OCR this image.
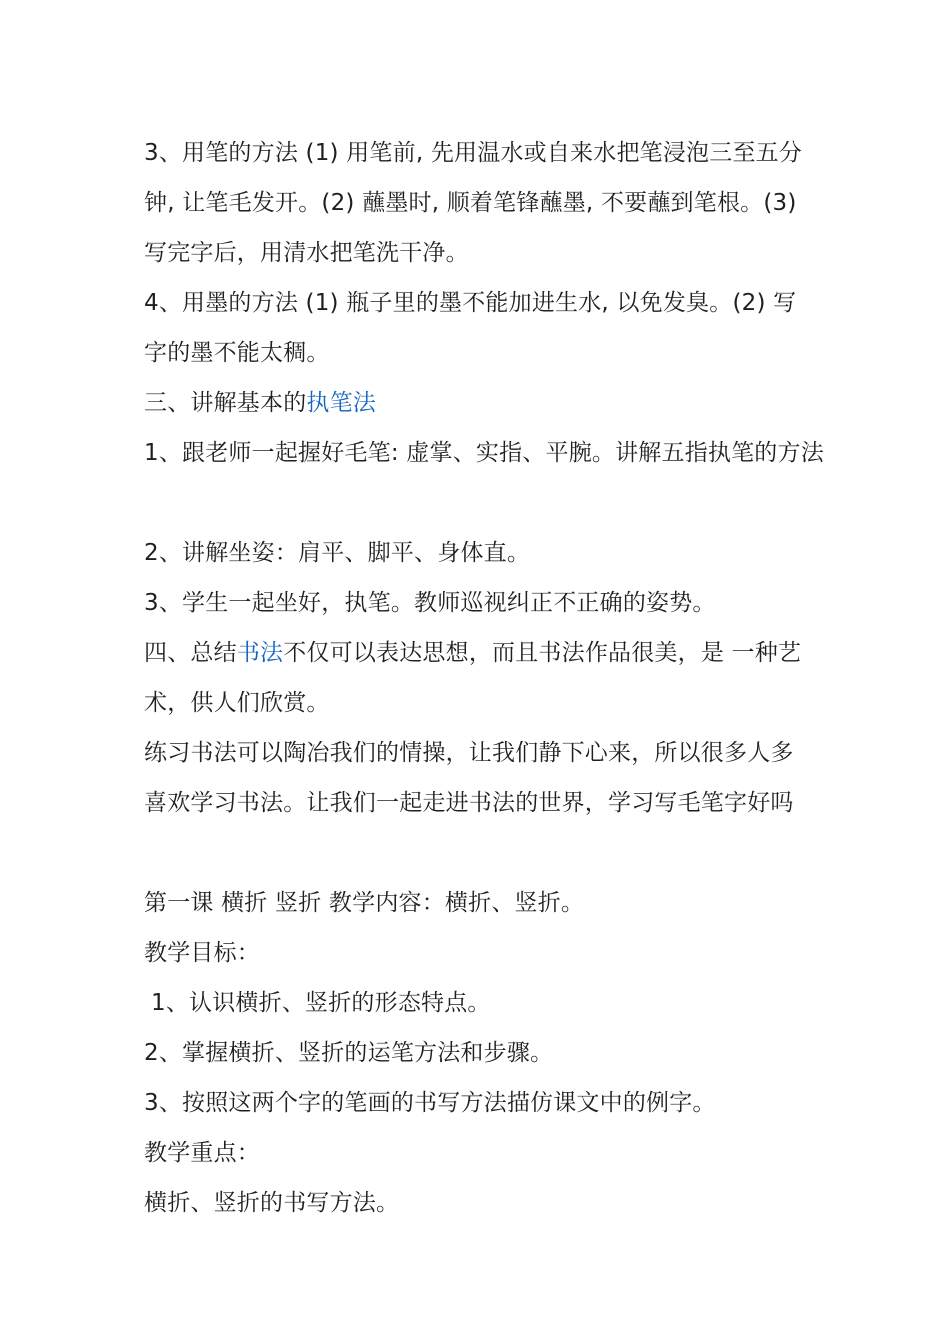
3、用笔的方法 (1) 用笔前, 先用温水或自来水把笔浸泡三至五分
钟, 让笔毛发开。(2) 蘸墨时, 顺着笔锋蘸墨, 不要蘸到笔根。(3)
写完字后，用清水把笔洗干净。
4、用墨的方法 (1) 瓶子里的墨不能加进生水, 以免发臭。(2) 写
字的墨不能太稠。
三、讲解基本的执笔法
1、跟老师一起握好毛笔: 虚掌、实指、平腕。讲解五指执笔的方法
2、讲解坐姿：肩平、脚平、身体直。
3、学生一起坐好，执笔。教师巡视纠正不正确的姿势。
四、总结书法不仅可以表达思想，而且书法作品很美，是 一种艺
术，供人们欣赏。
练习书法可以陶冶我们的情操，让我们静下心来，所以很多人多
喜欢学习书法。让我们一起走进书法的世界，学习写毛笔字好吗
第一课 横折 竖折 教学内容：横折、竖折。
教学目标：
1、认识横折、竖折的形态特点。
2、掌握横折、竖折的运笔方法和步骤。
3、按照这两个字的笔画的书写方法描仿课文中的例字。
教学重点：
横折、竖折的书写方法。
